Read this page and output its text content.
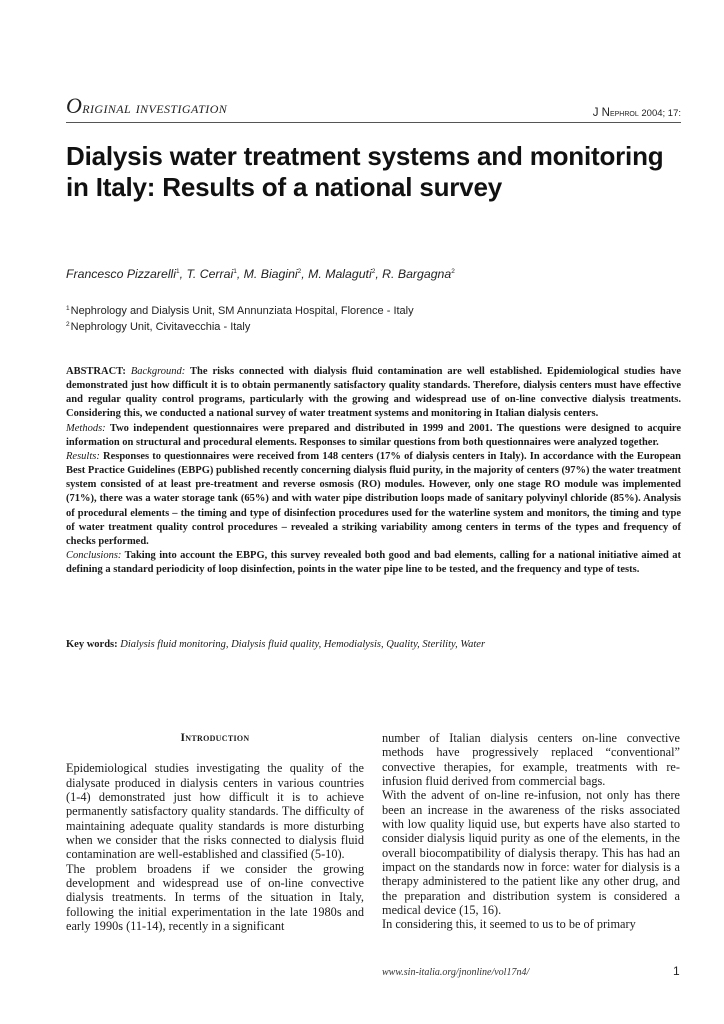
Original investigation	J Nephrol 2004; 17:
Dialysis water treatment systems and monitoring in Italy: Results of a national survey
Francesco Pizzarelli$^1$, T. Cerrai$^1$, M. Biagini$^2$, M. Malaguti$^2$, R. Bargagna$^2$
$^1$Nephrology and Dialysis Unit, SM Annunziata Hospital, Florence - Italy
$^2$Nephrology Unit, Civitavecchia - Italy

ABSTRACT: Background: The risks connected with dialysis fluid contamination are well established. Epidemiological studies have demonstrated just how difficult it is to obtain permanently satisfactory quality standards. Therefore, dialysis centers must have effective and regular quality control programs, particularly with the growing and widespread use of on-line convective dialysis treatments. Considering this, we conducted a national survey of water treatment systems and monitoring in Italian dialysis centers.

Methods: Two independent questionnaires were prepared and distributed in 1999 and 2001. The questions were designed to acquire information on structural and procedural elements. Responses to similar questions from both questionnaires were analyzed together.

Results: Responses to questionnaires were received from 148 centers (17% of dialysis centers in Italy). In accordance with the European Best Practice Guidelines (EBPG) published recently concerning dialysis fluid purity, in the majority of centers (97%) the water treatment system consisted of at least pre-treatment and reverse osmosis (RO) modules. However, only one stage RO module was implemented (71%), there was a water storage tank (65%) and with water pipe distribution loops made of sanitary polyvinyl chloride (85%). Analysis of procedural elements – the timing and type of disinfection procedures used for the waterline system and monitors, the timing and type of water treatment quality control procedures – revealed a striking variability among centers in terms of the types and frequency of checks performed.

Conclusions: Taking into account the EBPG, this survey revealed both good and bad elements, calling for a national initiative aimed at defining a standard periodicity of loop disinfection, points in the water pipe line to be tested, and the frequency and type of tests.

Key words: Dialysis fluid monitoring, Dialysis fluid quality, Hemodialysis, Quality, Sterility, Water
Introduction

Epidemiological studies investigating the quality of the dialysate produced in dialysis centers in various countries (1-4) demonstrated just how difficult it is to achieve permanently satisfactory quality standards. The difficulty of maintaining adequate quality standards is more disturbing when we consider that the risks connected to dialysis fluid contamination are well-established and classified (5-10).

The problem broadens if we consider the growing development and widespread use of on-line convective dialysis treatments. In terms of the situation in Italy, following the initial experimentation in the late 1980s and early 1990s (11-14), recently in a significant

number of Italian dialysis centers on-line convective methods have progressively replaced “conventional” convective therapies, for example, treatments with re-infusion fluid derived from commercial bags.

With the advent of on-line re-infusion, not only has there been an increase in the awareness of the risks associated with low quality liquid use, but experts have also started to consider dialysis liquid purity as one of the elements, in the overall biocompatibility of dialysis therapy. This has had an impact on the standards now in force: water for dialysis is a therapy administered to the patient like any other drug, and the preparation and distribution system is considered a medical device (15, 16).

In considering this, it seemed to us to be of primary

www.sin-italia.org/jnonline/vol17n4/	1
